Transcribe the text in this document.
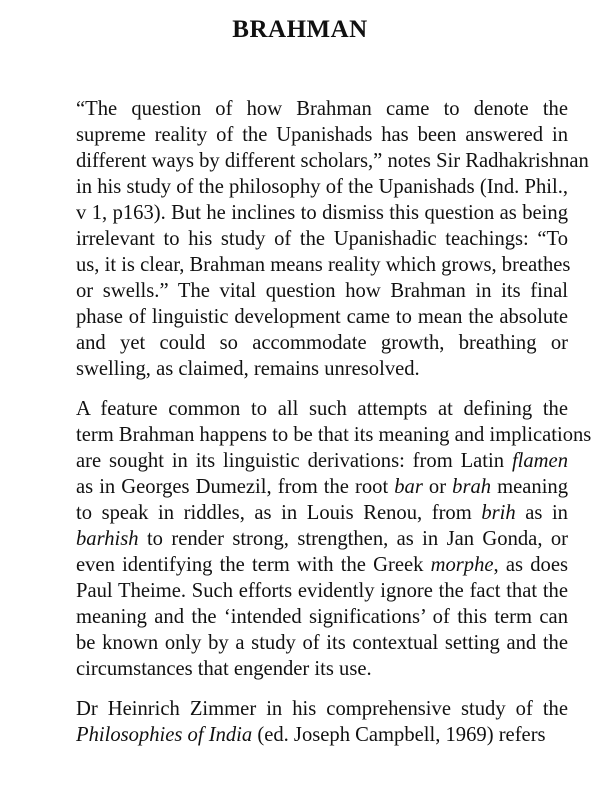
BRAHMAN
“The question of how Brahman came to denote the
supreme reality of the Upanishads has been answered in
different ways by different scholars,” notes Sir Radhakrishnan
in his study of the philosophy of the Upanishads (Ind. Phil.,
v 1, p163). But he inclines to dismiss this question as being
irrelevant to his study of the Upanishadic teachings: “To
us, it is clear, Brahman means reality which grows, breathes
or swells.” The vital question how Brahman in its final
phase of linguistic development came to mean the absolute
and yet could so accommodate growth, breathing or
swelling, as claimed, remains unresolved.
A feature common to all such attempts at defining the
term Brahman happens to be that its meaning and implications
are sought in its linguistic derivations: from Latin flamen
as in Georges Dumezil, from the root bar or brah meaning
to speak in riddles, as in Louis Renou, from brih as in
barhish to render strong, strengthen, as in Jan Gonda, or
even identifying the term with the Greek morphe, as does
Paul Theime. Such efforts evidently ignore the fact that the
meaning and the ‘intended significations’ of this term can
be known only by a study of its contextual setting and the
circumstances that engender its use.
Dr Heinrich Zimmer in his comprehensive study of the
Philosophies of India (ed. Joseph Campbell, 1969) refers
